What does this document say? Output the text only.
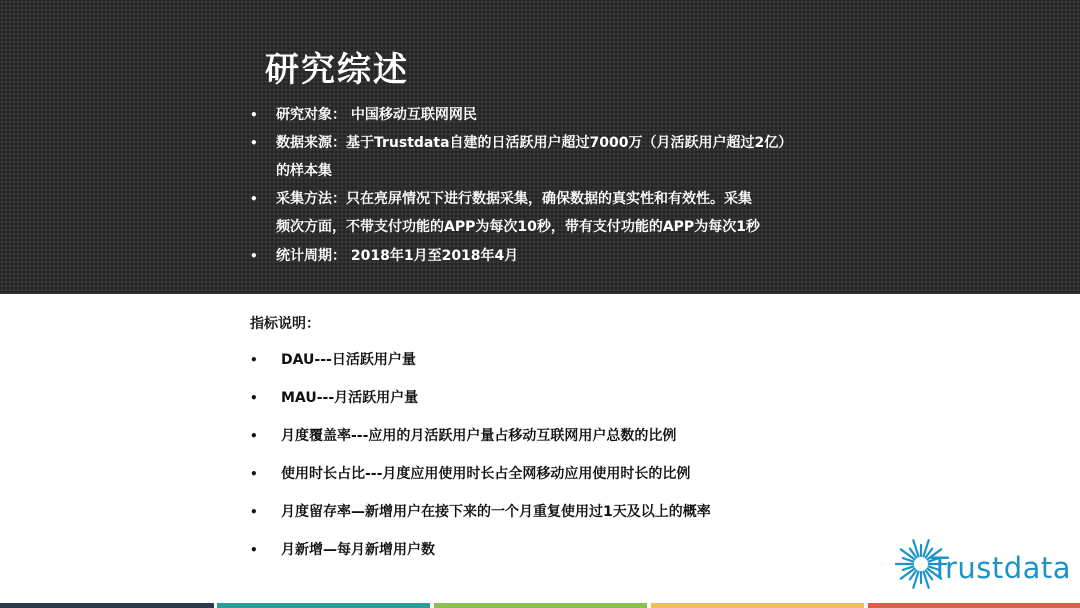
研究综述
• 研究对象： 中国移动互联网网民
• 数据来源：基于Trustdata自建的日活跃用户超过7000万（月活跃用户超过2亿）
的样本集
• 采集方法：只在亮屏情况下进行数据采集，确保数据的真实性和有效性。采集
频次方面，不带支付功能的APP为每次10秒，带有支付功能的APP为每次1秒
• 统计周期： 2018年1月至2018年4月
指标说明：
• DAU---日活跃用户量
• MAU---月活跃用户量
• 月度覆盖率---应用的月活跃用户量占移动互联网用户总数的比例
• 使用时长占比---月度应用使用时长占全网移动应用使用时长的比例
• 月度留存率—新增用户在接下来的一个月重复使用过1天及以上的概率
• 月新增—每月新增用户数
Trustdata
